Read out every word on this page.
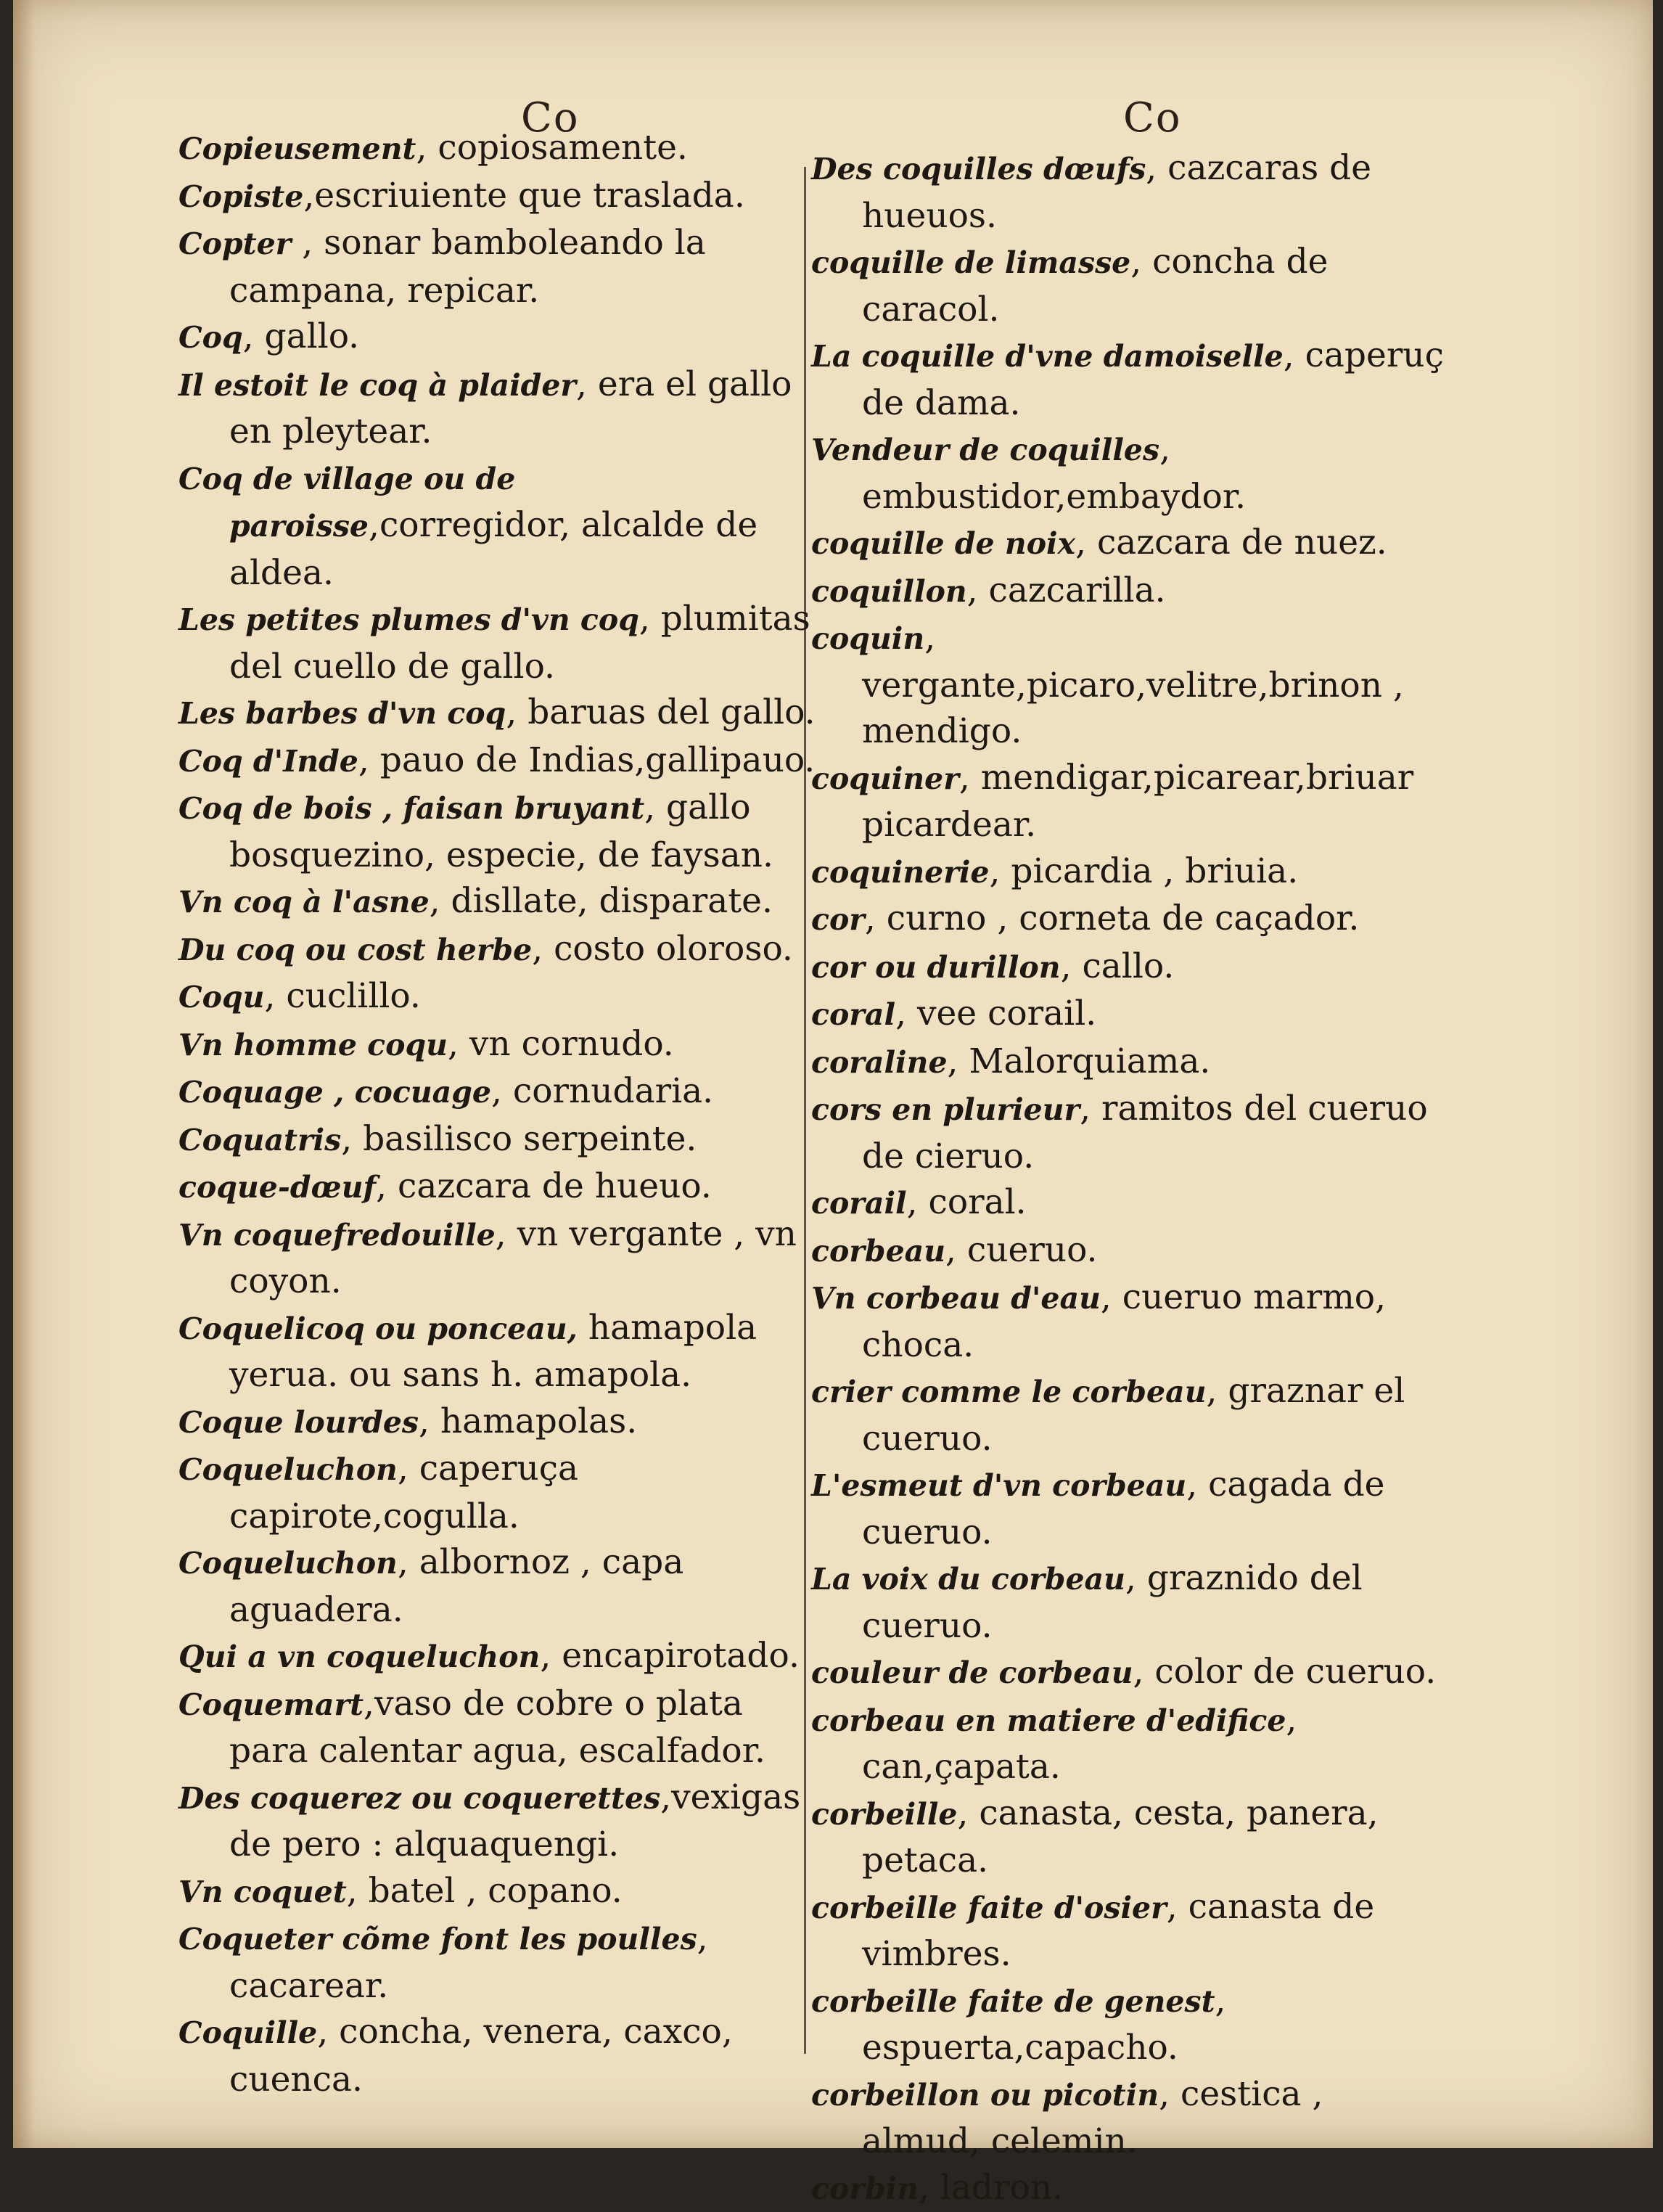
Co	Co

Copieusement, copiosamente.

Copiste,escriuiente que traslada.

Copter , sonar bamboleando la campana, repicar.

Coq, gallo.

Il estoit le coq à plaider, era el gallo en pleytear.

Coq de village ou de paroisse,corregidor, alcalde de aldea.

Les petites plumes d'vn coq, plumitas del cuello de gallo.

Les barbes d'vn coq, baruas del gallo.

Coq d'Inde, pauo de Indias,gallipauo.

Coq de bois , faisan bruyant, gallo bosquezino, especie, de faysan.

Vn coq à l'asne, disllate, disparate.

Du coq ou cost herbe, costo oloroso.

Coqu, cuclillo.

Vn homme coqu, vn cornudo.

Coquage , cocuage, cornudaria.

Coquatris, basilisco serpeinte.

coque-dœuf, cazcara de hueuo.

Vn coquefredouille, vn vergante , vn coyon.

Coquelicoq ou ponceau, hamapola yerua. ou sans h. amapola.

Coque lourdes, hamapolas.

Coqueluchon, caperuça capirote,cogulla.

Coqueluchon, albornoz , capa aguadera.

Qui a vn coqueluchon, encapirotado.

Coquemart,vaso de cobre o plata para calentar agua, escalfador.

Des coquerez ou coquerettes,vexigas de pero : alquaquengi.

Vn coquet, batel , copano.

Coqueter cõme font les poulles, cacarear.

Coquille, concha, venera, caxco, cuenca.

Des coquilles dœufs, cazcaras de hueuos.

coquille de limasse, concha de caracol.

La coquille d'vne damoiselle, caperuç de dama.

Vendeur de coquilles, embustidor,embaydor.

coquille de noix, cazcara de nuez.

coquillon, cazcarilla.

coquin, vergante,picaro,velitre,brinon , mendigo.

coquiner, mendigar,picarear,briuar picardear.

coquinerie, picardia , briuia.

cor, curno , corneta de caçador.

cor ou durillon, callo.

coral, vee corail.

coraline, Malorquiama.

cors en plurieur, ramitos del cueruo de cieruo.

corail, coral.

corbeau, cueruo.

Vn corbeau d'eau, cueruo marmo, choca.

crier comme le corbeau, graznar el cueruo.

L'esmeut d'vn corbeau, cagada de cueruo.

La voix du corbeau, graznido del cueruo.

couleur de corbeau, color de cueruo.

corbeau en matiere d'edifice, can,çapata.

corbeille, canasta, cesta, panera, petaca.

corbeille faite d'osier, canasta de vimbres.

corbeille faite de genest, espuerta,capacho.

corbeillon ou picotin, cestica , almud, celemin.

corbin, ladron.
